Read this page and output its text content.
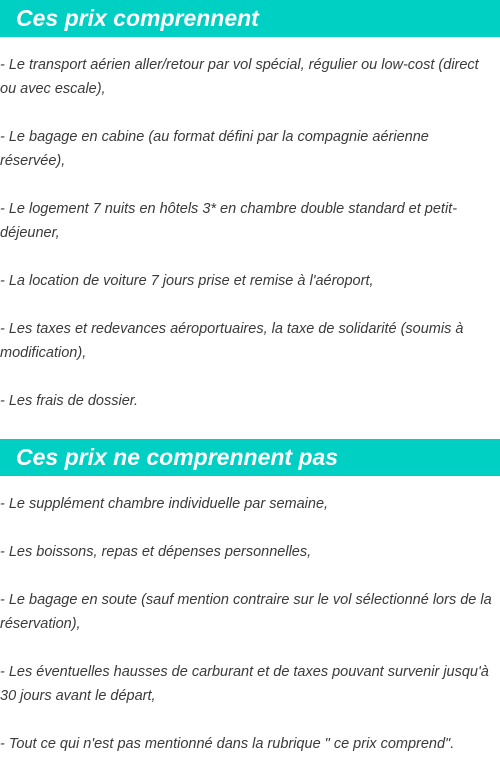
Ces prix comprennent
- Le transport aérien aller/retour par vol spécial, régulier ou low-cost (direct ou avec escale),
- Le bagage en cabine (au format défini par la compagnie aérienne réservée),
- Le logement 7 nuits en hôtels 3* en chambre double standard et petit-déjeuner,
- La location de voiture 7 jours prise et remise à l'aéroport,
- Les taxes et redevances aéroportuaires, la taxe de solidarité (soumis à modification),
- Les frais de dossier.
Ces prix ne comprennent pas
- Le supplément chambre individuelle par semaine,
- Les boissons, repas et dépenses personnelles,
- Le bagage en soute (sauf mention contraire sur le vol sélectionné lors de la réservation),
- Les éventuelles hausses de carburant et de taxes pouvant survenir jusqu'à 30 jours avant le départ,
- Tout ce qui n'est pas mentionné dans la rubrique " ce prix comprend".
